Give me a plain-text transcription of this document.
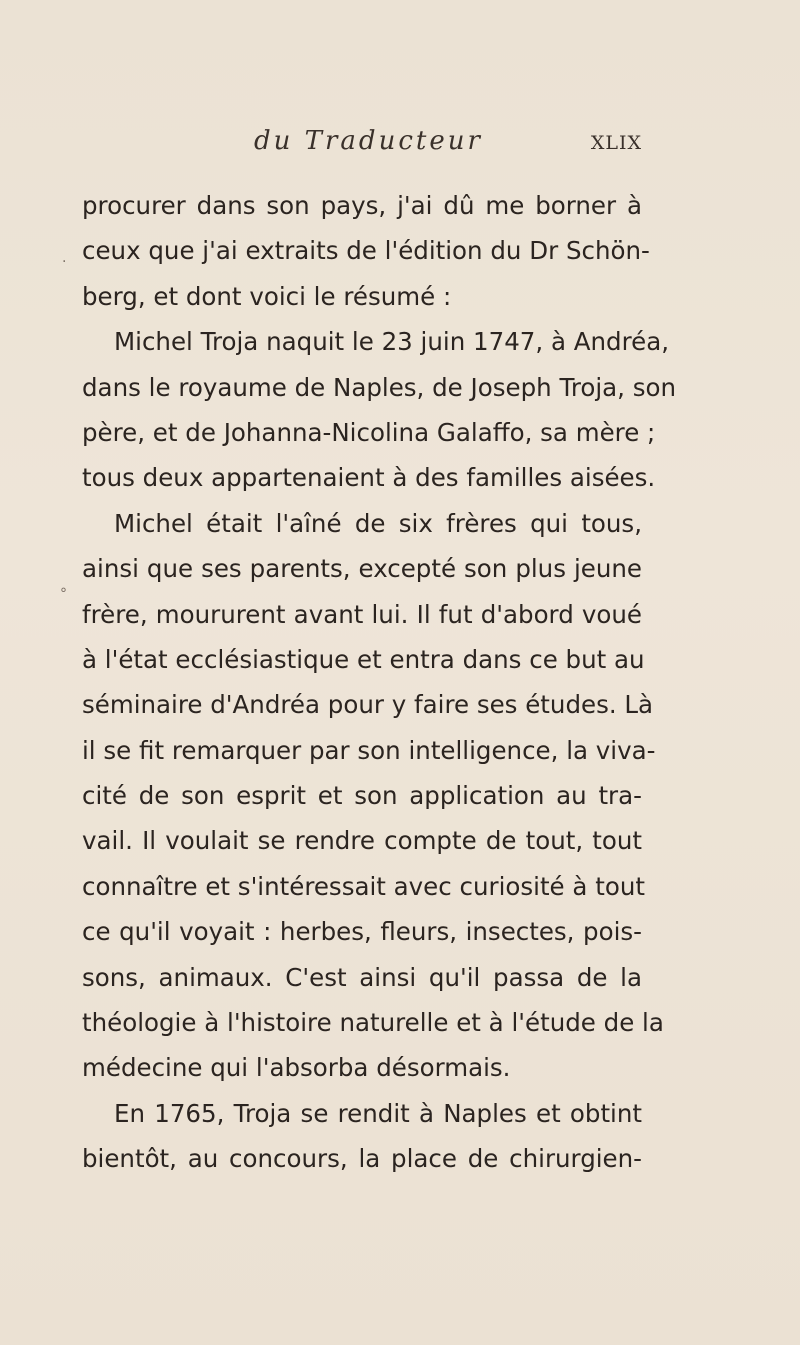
du Traducteur	XLIX
.
°
procurer dans son pays, j'ai dû me borner à
ceux que j'ai extraits de l'édition du Dr Schön-
berg, et dont voici le résumé :
Michel Troja naquit le 23 juin 1747, à Andréa,
dans le royaume de Naples, de Joseph Troja, son
père, et de Johanna-Nicolina Galaffo, sa mère ;
tous deux appartenaient à des familles aisées.
Michel était l'aîné de six frères qui tous,
ainsi que ses parents, excepté son plus jeune
frère, moururent avant lui. Il fut d'abord voué
à l'état ecclésiastique et entra dans ce but au
séminaire d'Andréa pour y faire ses études. Là
il se fit remarquer par son intelligence, la viva-
cité de son esprit et son application au tra-
vail. Il voulait se rendre compte de tout, tout
connaître et s'intéressait avec curiosité à tout
ce qu'il voyait : herbes, fleurs, insectes, pois-
sons, animaux. C'est ainsi qu'il passa de la
théologie à l'histoire naturelle et à l'étude de la
médecine qui l'absorba désormais.
En 1765, Troja se rendit à Naples et obtint
bientôt, au concours, la place de chirurgien-
